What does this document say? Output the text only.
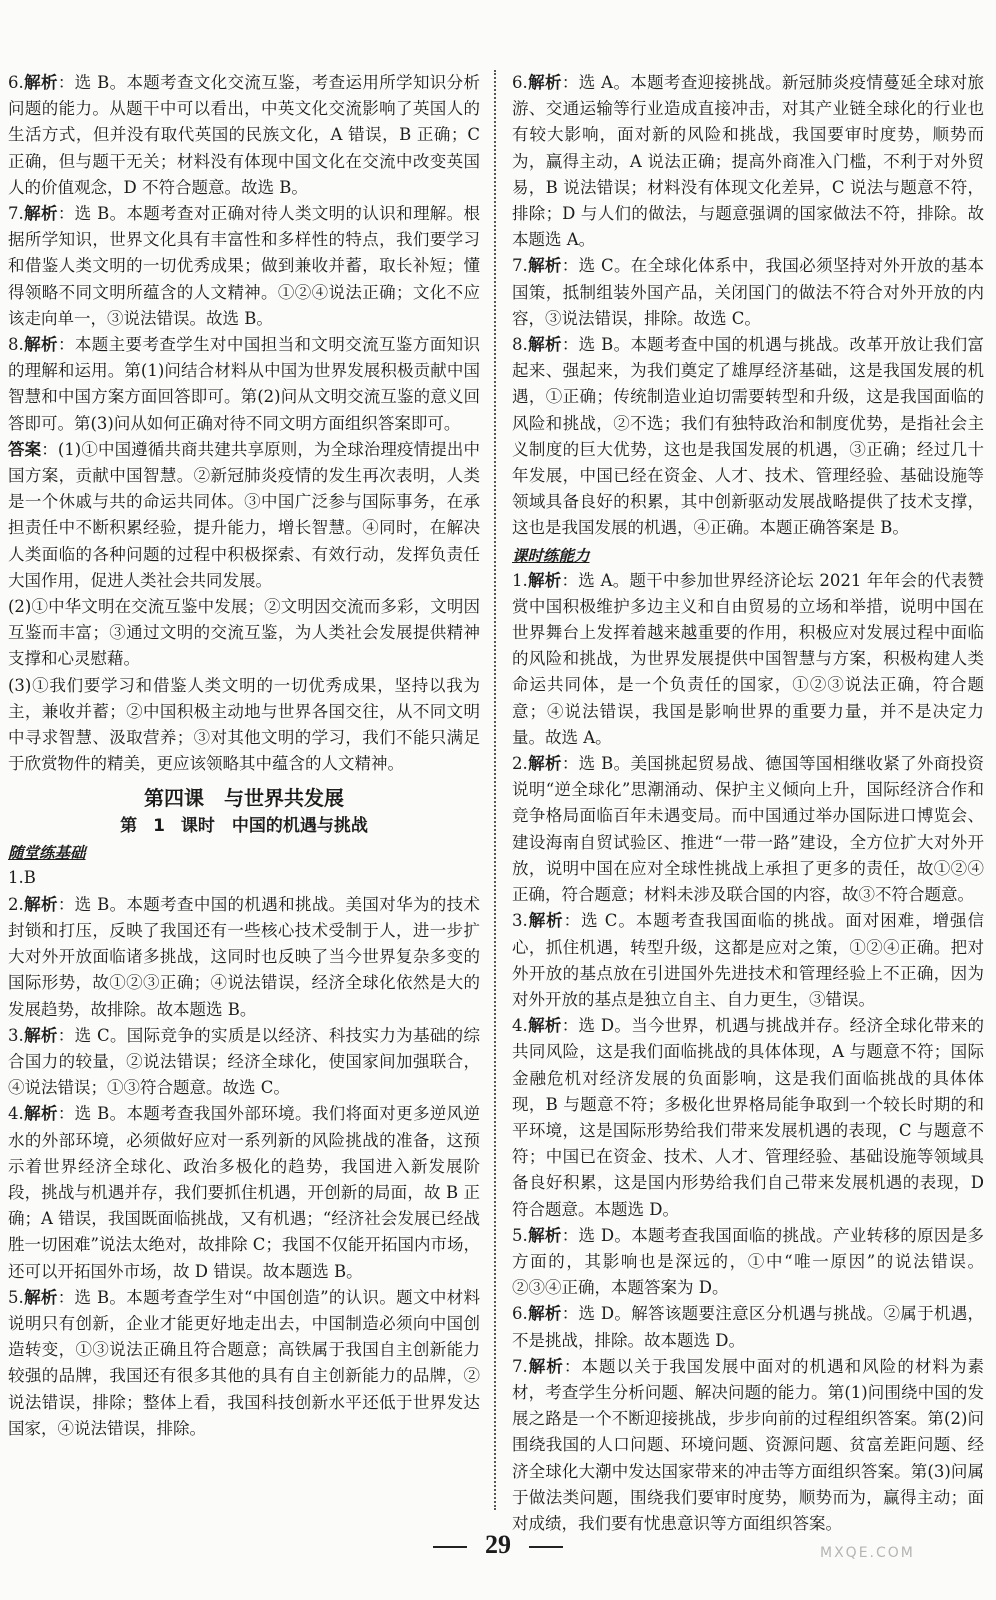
6.解析：选 B。本题考查文化交流互鉴，考查运用所学知识分析问题的能力。从题干中可以看出，中英文化交流影响了英国人的生活方式，但并没有取代英国的民族文化，A 错误，B 正确；C 正确，但与题干无关；材料没有体现中国文化在交流中改变英国人的价值观念，D 不符合题意。故选 B。

7.解析：选 B。本题考查对正确对待人类文明的认识和理解。根据所学知识，世界文化具有丰富性和多样性的特点，我们要学习和借鉴人类文明的一切优秀成果；做到兼收并蓄，取长补短；懂得领略不同文明所蕴含的人文精神。①②④说法正确；文化不应该走向单一，③说法错误。故选 B。

8.解析：本题主要考查学生对中国担当和文明交流互鉴方面知识的理解和运用。第(1)问结合材料从中国为世界发展积极贡献中国智慧和中国方案方面回答即可。第(2)问从文明交流互鉴的意义回答即可。第(3)问从如何正确对待不同文明方面组织答案即可。

答案：(1)①中国遵循共商共建共享原则，为全球治理疫情提出中国方案，贡献中国智慧。②新冠肺炎疫情的发生再次表明，人类是一个休戚与共的命运共同体。③中国广泛参与国际事务，在承担责任中不断积累经验，提升能力，增长智慧。④同时，在解决人类面临的各种问题的过程中积极探索、有效行动，发挥负责任大国作用，促进人类社会共同发展。

(2)①中华文明在交流互鉴中发展；②文明因交流而多彩，文明因互鉴而丰富；③通过文明的交流互鉴，为人类社会发展提供精神支撑和心灵慰藉。

(3)①我们要学习和借鉴人类文明的一切优秀成果，坚持以我为主，兼收并蓄；②中国积极主动地与世界各国交往，从不同文明中寻求智慧、汲取营养；③对其他文明的学习，我们不能只满足于欣赏物件的精美，更应该领略其中蕴含的人文精神。

第四课　与世界共发展
第 1 课时　中国的机遇与挑战
随堂练基础

1.B

2.解析：选 B。本题考查中国的机遇和挑战。美国对华为的技术封锁和打压，反映了我国还有一些核心技术受制于人，进一步扩大对外开放面临诸多挑战，这同时也反映了当今世界复杂多变的国际形势，故①②③正确；④说法错误，经济全球化依然是大的发展趋势，故排除。故本题选 B。

3.解析：选 C。国际竞争的实质是以经济、科技实力为基础的综合国力的较量，②说法错误；经济全球化，使国家间加强联合，④说法错误；①③符合题意。故选 C。

4.解析：选 B。本题考查我国外部环境。我们将面对更多逆风逆水的外部环境，必须做好应对一系列新的风险挑战的准备，这预示着世界经济全球化、政治多极化的趋势，我国进入新发展阶段，挑战与机遇并存，我们要抓住机遇，开创新的局面，故 B 正确；A 错误，我国既面临挑战，又有机遇；“经济社会发展已经战胜一切困难”说法太绝对，故排除 C；我国不仅能开拓国内市场，还可以开拓国外市场，故 D 错误。故本题选 B。

5.解析：选 B。本题考查学生对“中国创造”的认识。题文中材料说明只有创新，企业才能更好地走出去，中国制造必须向中国创造转变，①③说法正确且符合题意；高铁属于我国自主创新能力较强的品牌，我国还有很多其他的具有自主创新能力的品牌，②说法错误，排除；整体上看，我国科技创新水平还低于世界发达国家，④说法错误，排除。

6.解析：选 A。本题考查迎接挑战。新冠肺炎疫情蔓延全球对旅游、交通运输等行业造成直接冲击，对其产业链全球化的行业也有较大影响，面对新的风险和挑战，我国要审时度势，顺势而为，赢得主动，A 说法正确；提高外商准入门槛，不利于对外贸易，B 说法错误；材料没有体现文化差异，C 说法与题意不符，排除；D 与人们的做法，与题意强调的国家做法不符，排除。故本题选 A。

7.解析：选 C。在全球化体系中，我国必须坚持对外开放的基本国策，抵制组装外国产品，关闭国门的做法不符合对外开放的内容，③说法错误，排除。故选 C。

8.解析：选 B。本题考查中国的机遇与挑战。改革开放让我们富起来、强起来，为我们奠定了雄厚经济基础，这是我国发展的机遇，①正确；传统制造业迫切需要转型和升级，这是我国面临的风险和挑战，②不选；我们有独特政治和制度优势，是指社会主义制度的巨大优势，这也是我国发展的机遇，③正确；经过几十年发展，中国已经在资金、人才、技术、管理经验、基础设施等领域具备良好的积累，其中创新驱动发展战略提供了技术支撑，这也是我国发展的机遇，④正确。本题正确答案是 B。

课时练能力

1.解析：选 A。题干中参加世界经济论坛 2021 年年会的代表赞赏中国积极维护多边主义和自由贸易的立场和举措，说明中国在世界舞台上发挥着越来越重要的作用，积极应对发展过程中面临的风险和挑战，为世界发展提供中国智慧与方案，积极构建人类命运共同体，是一个负责任的国家，①②③说法正确，符合题意；④说法错误，我国是影响世界的重要力量，并不是决定力量。故选 A。

2.解析：选 B。美国挑起贸易战、德国等国相继收紧了外商投资说明“逆全球化”思潮涌动、保护主义倾向上升，国际经济合作和竞争格局面临百年未遇变局。而中国通过举办国际进口博览会、建设海南自贸试验区、推进“一带一路”建设，全方位扩大对外开放，说明中国在应对全球性挑战上承担了更多的责任，故①②④正确，符合题意；材料未涉及联合国的内容，故③不符合题意。

3.解析：选 C。本题考查我国面临的挑战。面对困难，增强信心，抓住机遇，转型升级，这都是应对之策，①②④正确。把对外开放的基点放在引进国外先进技术和管理经验上不正确，因为对外开放的基点是独立自主、自力更生，③错误。

4.解析：选 D。当今世界，机遇与挑战并存。经济全球化带来的共同风险，这是我们面临挑战的具体体现，A 与题意不符；国际金融危机对经济发展的负面影响，这是我们面临挑战的具体体现，B 与题意不符；多极化世界格局能争取到一个较长时期的和平环境，这是国际形势给我们带来发展机遇的表现，C 与题意不符；中国已在资金、技术、人才、管理经验、基础设施等领域具备良好积累，这是国内形势给我们自己带来发展机遇的表现，D 符合题意。本题选 D。

5.解析：选 D。本题考查我国面临的挑战。产业转移的原因是多方面的，其影响也是深远的，①中“唯一原因”的说法错误。②③④正确，本题答案为 D。

6.解析：选 D。解答该题要注意区分机遇与挑战。②属于机遇，不是挑战，排除。故本题选 D。

7.解析：本题以关于我国发展中面对的机遇和风险的材料为素材，考查学生分析问题、解决问题的能力。第(1)问围绕中国的发展之路是一个不断迎接挑战，步步向前的过程组织答案。第(2)问围绕我国的人口问题、环境问题、资源问题、贫富差距问题、经济全球化大潮中发达国家带来的冲击等方面组织答案。第(3)问属于做法类问题，围绕我们要审时度势，顺势而为，赢得主动；面对成绩，我们要有忧患意识等方面组织答案。

29	MXQE.COM
